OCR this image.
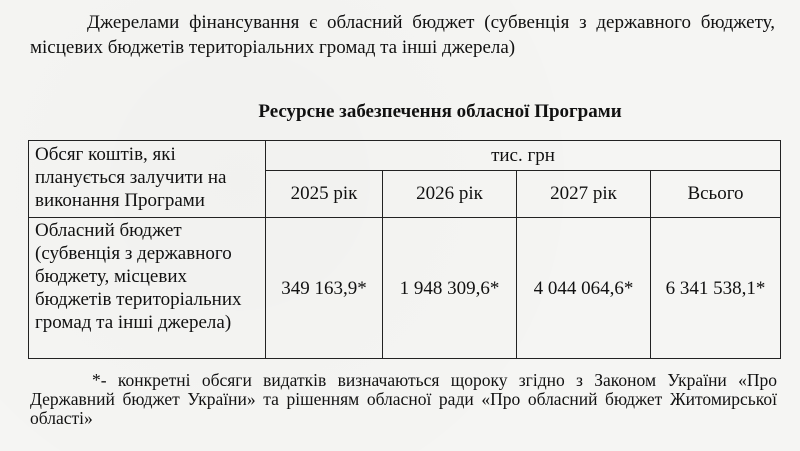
Джерелами фінансування є обласний бюджет (субвенція з державного бюджету, місцевих бюджетів територіальних громад та інші джерела)

Ресурсне забезпечення обласної Програми

Обсяг коштів, які планується залучити на виконання Програми	тис. грн			
	2025 рік	2026 рік	2027 рік	Всього
Обласний бюджет (субвенція з державного бюджету, місцевих бюджетів територіальних громад та інші джерела)	349 163,9*	1 948 309,6*	4 044 064,6*	6 341 538,1*

*- конкретні обсяги видатків визначаються щороку згідно з Законом України «Про Державний бюджет України» та рішенням обласної ради «Про обласний бюджет Житомирської області»
